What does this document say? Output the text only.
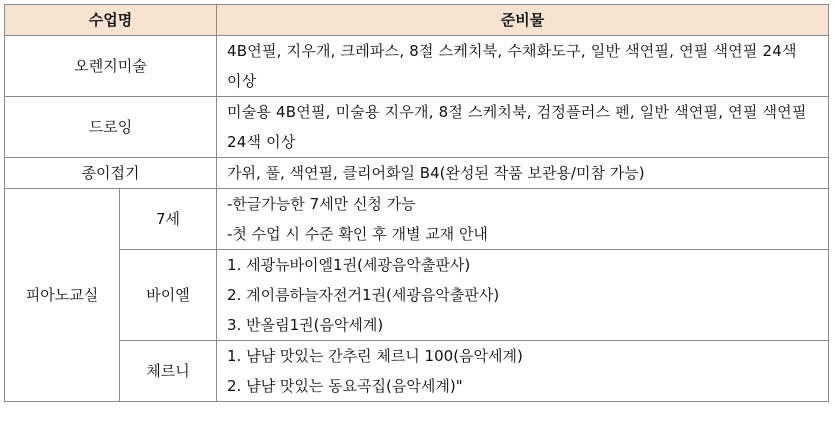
수업명		준비물
오렌지미술		4B연필, 지우개, 크레파스, 8절 스케치북, 수채화도구, 일반 색연필, 연필 색연필 24색 이상

드로잉		미술용 4B연필, 미술용 지우개, 8절 스케치북, 검정플러스 펜, 일반 색연필, 연필 색연필 24색 이상

종이접기		가위, 풀, 색연필, 클리어화일 B4(완성된 작품 보관용/미참 가능)

피아노교실	7세	-한글가능한 7세만 신청 가능
-첫 수업 시 수준 확인 후 개별 교재 안내

	바이엘	1. 세광뉴바이엘1권(세광음악출판사)
2. 계이름하늘자전거1권(세광음악출판사)
3. 반올림1권(음악세계)

	체르니	1. 냠냠 맛있는 간추린 체르니 100(음악세계)
2. 냠냠 맛있는 동요곡집(음악세계)"
